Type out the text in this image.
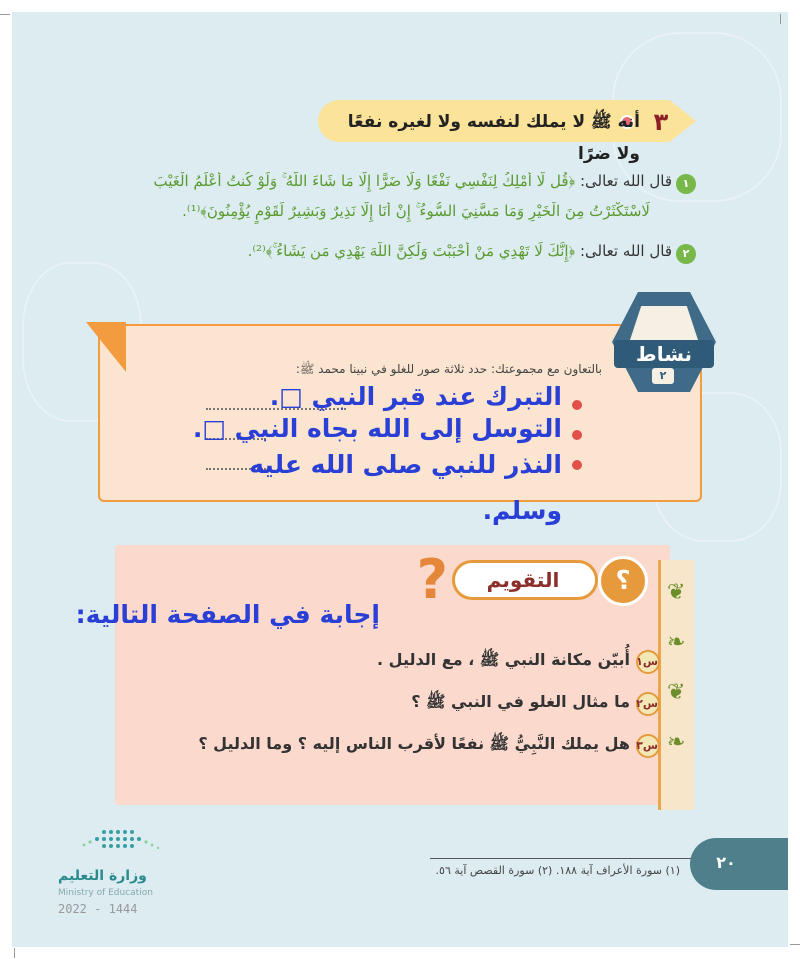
٣
أنه ﷺ لا يملك لنفسه ولا لغيره نفعًا ولا ضرًا
١
قال الله تعالى: ﴿قُل لَّا أَمْلِكُ لِنَفْسِي نَفْعًا وَلَا ضَرًّا إِلَّا مَا شَاءَ اللَّهُ ۚ وَلَوْ كُنتُ أَعْلَمُ الْغَيْبَ
لَاسْتَكْثَرْتُ مِنَ الْخَيْرِ وَمَا مَسَّنِيَ السُّوءُ ۚ إِنْ أَنَا إِلَّا نَذِيرٌ وَبَشِيرٌ لِّقَوْمٍ يُؤْمِنُونَ﴾⁽¹⁾.
٢
قال الله تعالى: ﴿إِنَّكَ لَا تَهْدِي مَنْ أَحْبَبْتَ وَلَٰكِنَّ اللَّهَ يَهْدِي مَن يَشَاءُ ۚ﴾⁽²⁾.
نشاط
٢
بالتعاون مع مجموعتك: حدد ثلاثة صور للغلو في نبينا محمد ﷺ:
التبرك عند قبر النبي □.
التوسل إلى الله بجاه النبي □.
النذر للنبي صلى الله عليه
وسلم.
❦
❧
❦
❧
?	التقويم	؟
إجابة في الصفحة التالية:
س١
أُبيّن مكانة النبي ﷺ ، مع الدليل .
س٢
ما مثال الغلو في النبي ﷺ ؟
س٣
هل يملك النَّبِيُّ ﷺ نفعًا لأقرب الناس إليه ؟ وما الدليل ؟
(١) سورة الأعراف آية ١٨٨. (٢) سورة القصص آية ٥٦.	٢٠
وزارة التعليم
Ministry of Education
2022 - 1444
